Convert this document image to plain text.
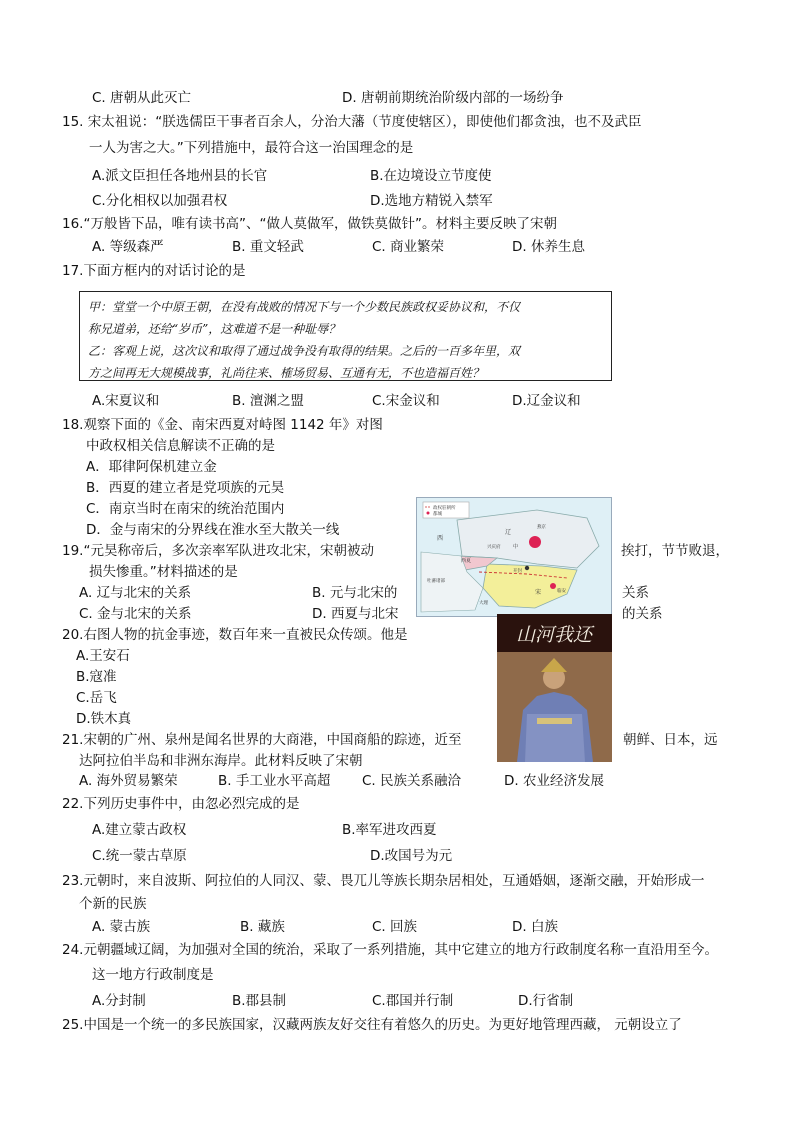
C. 唐朝从此灭亡	D. 唐朝前期统治阶级内部的一场纷争
15. 宋太祖说：“朕选儒臣干事者百余人，分治大藩（节度使辖区），即使他们都贪浊，也不及武臣
一人为害之大。”下列措施中，最符合这一治国理念的是
A.派文臣担任各地州县的长官	B.在边境设立节度使
C.分化相权以加强君权	D.选地方精锐入禁军
16.“万般皆下品，唯有读书高”、“做人莫做军，做铁莫做针”。材料主要反映了宋朝
A. 等级森严	B. 重文轻武	C. 商业繁荣	D. 休养生息
17.下面方框内的对话讨论的是
甲：堂堂一个中原王朝，在没有战败的情况下与一个少数民族政权妥协议和，不仅
称兄道弟，还给“岁币”，这难道不是一种耻辱？
乙：客观上说，这次议和取得了通过战争没有取得的结果。之后的一百多年里，双
方之间再无大规模战事，礼尚往来、榷场贸易、互通有无，不也造福百姓？
A.宋夏议和	B. 澶渊之盟	C.宋金议和	D.辽金议和
18.观察下面的《金、南宋西夏对峙图 1142 年》对图
中政权相关信息解读不正确的是
A．耶律阿保机建立金
B．西夏的建立者是党项族的元昊
C．南京当时在南宋的统治范围内
D．金与南宋的分界线在淮水至大散关一线
政权驻朝所
都城
西
辽
西夏
兴庆府	中
燕京
开封
宋	临安
大理
吐蕃诸部
19.“元昊称帝后，多次亲率军队进攻北宋，宋朝被动	挨打，节节败退，
损失惨重。”材料描述的是
A. 辽与北宋的关系	B. 元与北宋的	关系
C. 金与北宋的关系	D. 西夏与北宋	的关系
20.右图人物的抗金事迹，数百年来一直被民众传颂。他是
A.王安石
B.寇准
C.岳飞
D.铁木真
山河我还
21.宋朝的广州、泉州是闻名世界的大商港，中国商船的踪迹，近至	朝鲜、日本，远
达阿拉伯半岛和非洲东海岸。此材料反映了宋朝
A. 海外贸易繁荣	B. 手工业水平高超 C. 民族关系融洽	D. 农业经济发展
22.下列历史事件中，由忽必烈完成的是
A.建立蒙古政权	B.率军进攻西夏
C.统一蒙古草原	D.改国号为元
23.元朝时，来自波斯、阿拉伯的人同汉、蒙、畏兀儿等族长期杂居相处，互通婚姻，逐渐交融，开始形成一
个新的民族
A. 蒙古族	B. 藏族	C. 回族	D. 白族
24.元朝疆域辽阔，为加强对全国的统治，采取了一系列措施，其中它建立的地方行政制度名称一直沿用至今。
这一地方行政制度是
A.分封制	B.郡县制	C.郡国并行制	D.行省制
25.中国是一个统一的多民族国家，汉藏两族友好交往有着悠久的历史。为更好地管理西藏， 元朝设立了
